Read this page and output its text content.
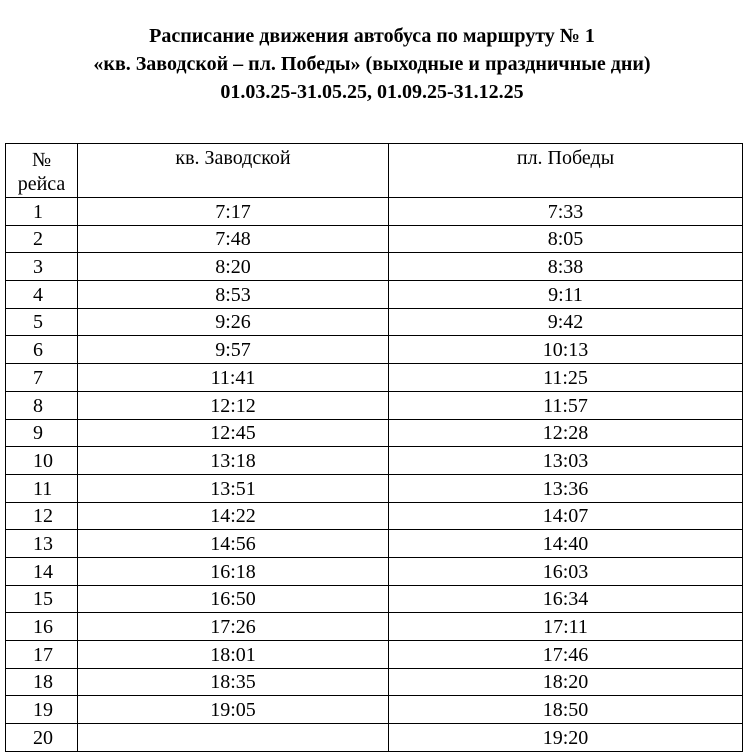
Расписание движения автобуса по маршруту № 1
«кв. Заводской – пл. Победы» (выходные и праздничные дни)
01.03.25-31.05.25, 01.09.25-31.12.25
№
рейса	кв. Заводской	пл. Победы
1	7:17	7:33
2	7:48	8:05
3	8:20	8:38
4	8:53	9:11
5	9:26	9:42
6	9:57	10:13
7	11:41	11:25
8	12:12	11:57
9	12:45	12:28
10	13:18	13:03
11	13:51	13:36
12	14:22	14:07
13	14:56	14:40
14	16:18	16:03
15	16:50	16:34
16	17:26	17:11
17	18:01	17:46
18	18:35	18:20
19	19:05	18:50
20		19:20
